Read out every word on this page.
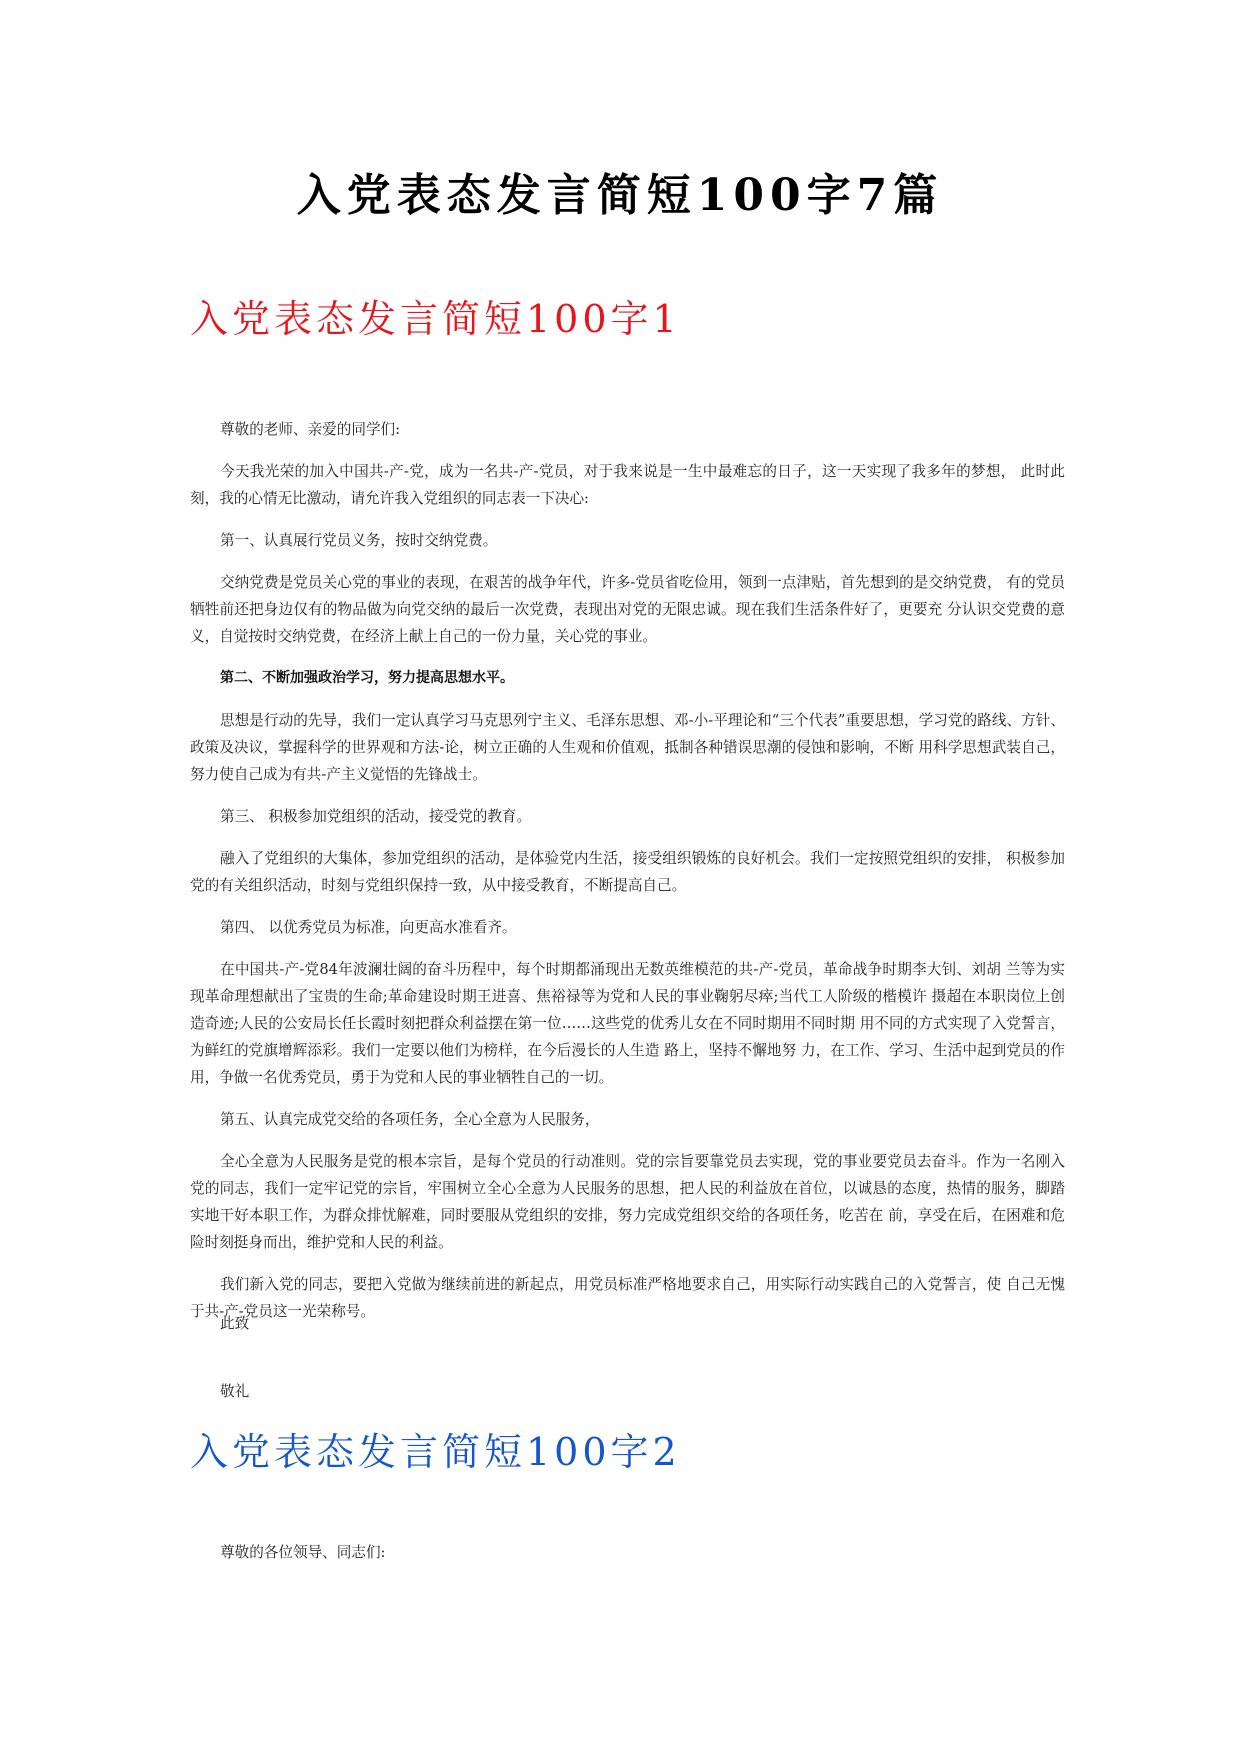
入党表态发言简短100字7篇
入党表态发言简短100字1

尊敬的老师、亲爱的同学们:

今天我光荣的加入中国共-产-党，成为一名共-产-党员，对于我来说是一生中最难忘的日子，这一天实现了我多年的梦想， 此时此刻，我的心情无比激动，请允许我入党组织的同志表一下决心:

第一、认真展行党员义务，按时交纳党费。

交纳党费是党员关心党的事业的表现，在艰苦的战争年代，许多-党员省吃俭用，领到一点津贴，首先想到的是交纳党费， 有的党员牺牲前还把身边仅有的物品做为向党交纳的最后一次党费，表现出对党的无限忠诚。现在我们生活条件好了，更要充 分认识交党费的意义，自觉按时交纳党费，在经济上献上自己的一份力量，关心党的事业。

第二、不断加强政治学习，努力提高思想水平。

思想是行动的先导，我们一定认真学习马克思列宁主义、毛泽东思想、邓-小-平理论和“三个代表”重要思想，学习党的路线、方针、政策及决议，掌握科学的世界观和方法-论，树立正确的人生观和价值观，抵制各种错误思潮的侵蚀和影响，不断 用科学思想武装自己，努力使自己成为有共-产主义觉悟的先锋战士。

第三、 积极参加党组织的活动，接受党的教育。

融入了党组织的大集体，参加党组织的活动，是体验党内生活，接受组织锻炼的良好机会。我们一定按照党组织的安排， 积极参加党的有关组织活动，时刻与党组织保持一致，从中接受教育，不断提高自己。

第四、 以优秀党员为标准，向更高水准看齐。

在中国共-产-党84年波澜壮阔的奋斗历程中，每个时期都涌现出无数英维模范的共-产-党员，革命战争时期李大钊、刘胡 兰等为实现革命理想献出了宝贵的生命;革命建设时期王进喜、焦裕禄等为党和人民的事业鞠躬尽瘁;当代工人阶级的楷模许 摄超在本职岗位上创造奇迹;人民的公安局长任长霞时刻把群众利益摆在第一位……这些党的优秀儿女在不同时期用不同时期 用不同的方式实现了入党誓言，为鲜红的党旗增辉添彩。我们一定要以他们为榜样，在今后漫长的人生造 路上，坚持不懈地努 力，在工作、学习、生活中起到党员的作用，争做一名优秀党员，勇于为党和人民的事业牺牲自己的一切。

第五、认真完成党交给的各项任务，全心全意为人民服务，

全心全意为人民服务是党的根本宗旨，是每个党员的行动准则。党的宗旨要靠党员去实现，党的事业要党员去奋斗。作为一名刚入党的同志，我们一定牢记党的宗旨，牢围树立全心全意为人民服务的思想，把人民的利益放在首位，以诚恳的态度，热情的服务，脚踏实地干好本职工作，为群众排忧解难，同时要服从党组织的安排，努力完成党组织交给的各项任务，吃苦在 前，享受在后，在困难和危险时刻挺身而出，维护党和人民的利益。

我们新入党的同志，要把入党做为继续前进的新起点，用党员标准严格地要求自己，用实际行动实践自己的入党誓言，使 自己无愧于共-产-党员这一光荣称号。

此致

敬礼

入党表态发言简短100字2

尊敬的各位领导、同志们:
